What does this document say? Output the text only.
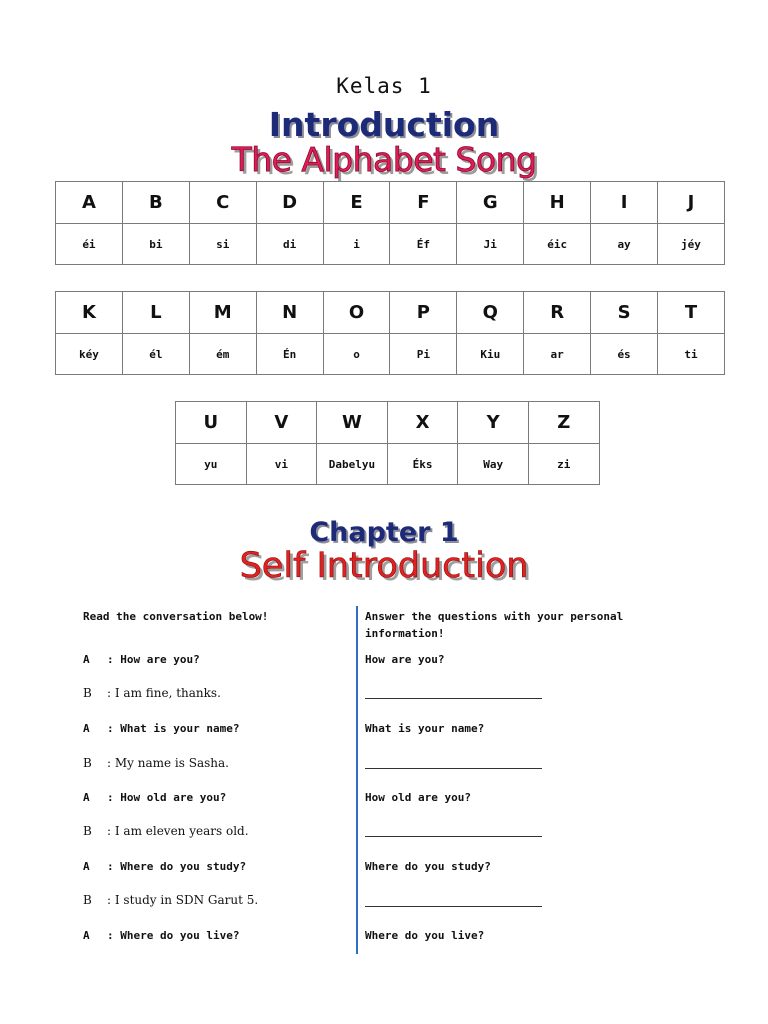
Kelas 1
Introduction
The Alphabet Song
A	B	C	D	E	F	G	H	I	J
éi	bi	si	di	i	Éf	Ji	éic	ay	jéy
K	L	M	N	O	P	Q	R	S	T
kéy	él	ém	Én	o	Pi	Kiu	ar	és	ti
U	V	W	X	Y	Z
yu	vi	Dabelyu	Éks	Way	zi
Chapter 1
Self Introduction
Read the conversation below!
A : How are you?
B : I am fine, thanks.
A : What is your name?
B : My name is Sasha.
A : How old are you?
B : I am eleven years old.
A : Where do you study?
B : I study in SDN Garut 5.
A : Where do you live?
Answer the questions with your personal
information!
How are you?
What is your name?
How old are you?
Where do you study?
Where do you live?
